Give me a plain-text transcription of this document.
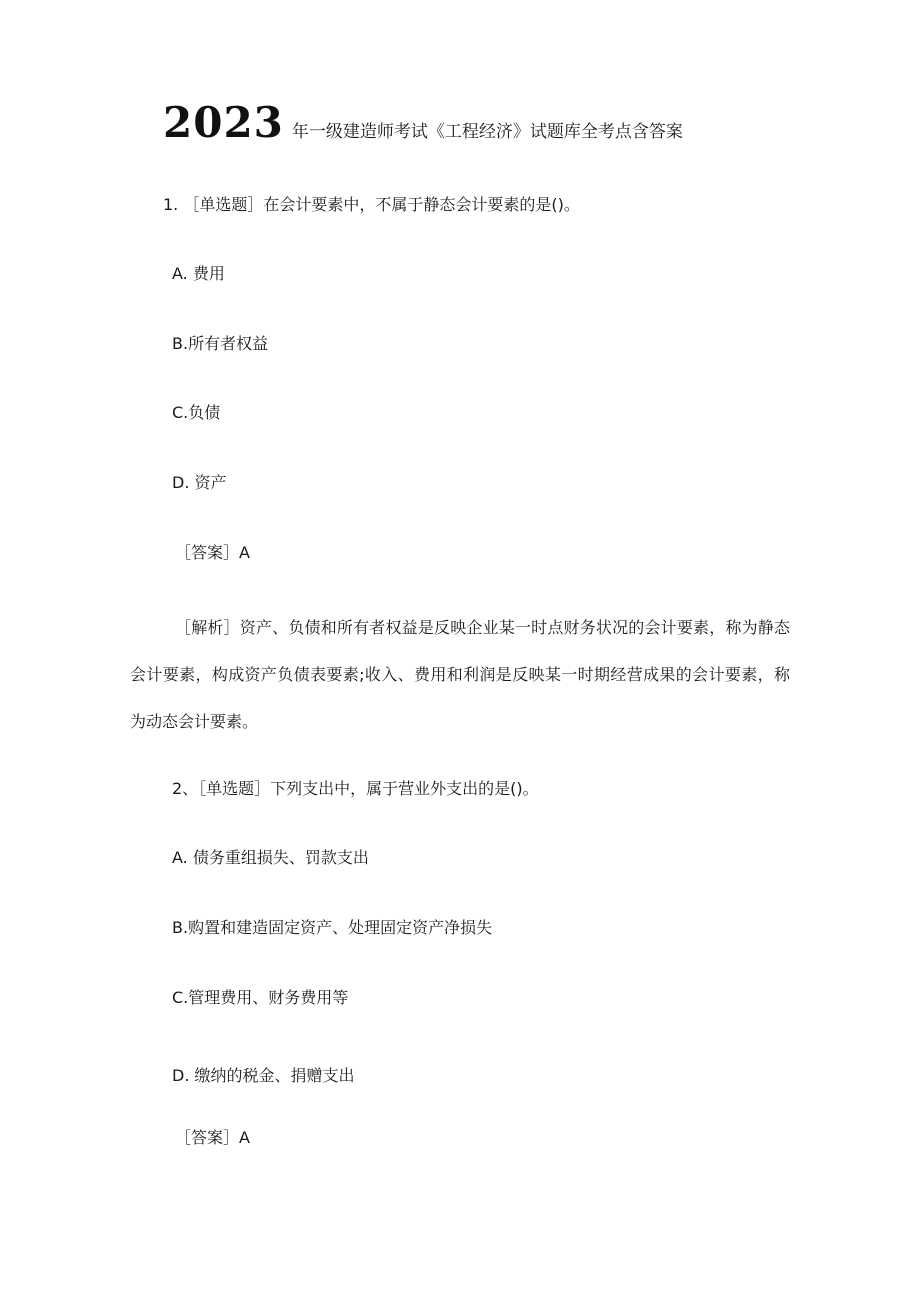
2023 年一级建造师考试《工程经济》试题库全考点含答案
1. ［单选题］在会计要素中，不属于静态会计要素的是()。
A. 费用
B.所有者权益
C.负债
D. 资产
［答案］A
［解析］资产、负债和所有者权益是反映企业某一时点财务状况的会计要素，称为静态会计要素，构成资产负债表要素;收入、费用和利润是反映某一时期经营成果的会计要素，称为动态会计要素。
2、［单选题］下列支出中，属于营业外支出的是()。
A. 债务重组损失、罚款支出
B.购置和建造固定资产、处理固定资产净损失
C.管理费用、财务费用等
D. 缴纳的税金、捐赠支出
［答案］A
